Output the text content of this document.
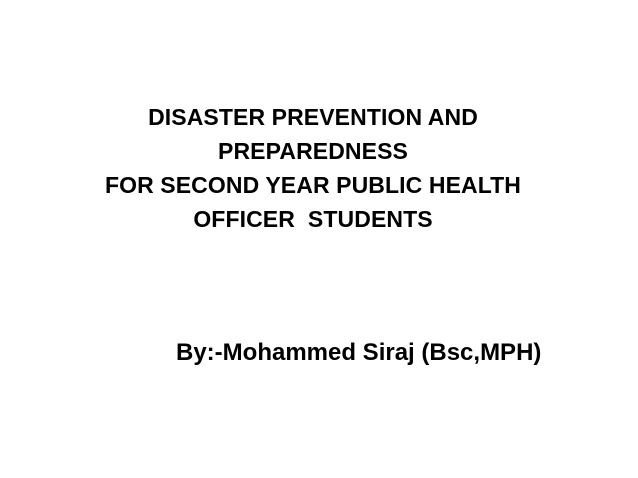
DISASTER PREVENTION AND
PREPAREDNESS
FOR SECOND YEAR PUBLIC HEALTH
OFFICER  STUDENTS
By:-Mohammed Siraj (Bsc,MPH)
